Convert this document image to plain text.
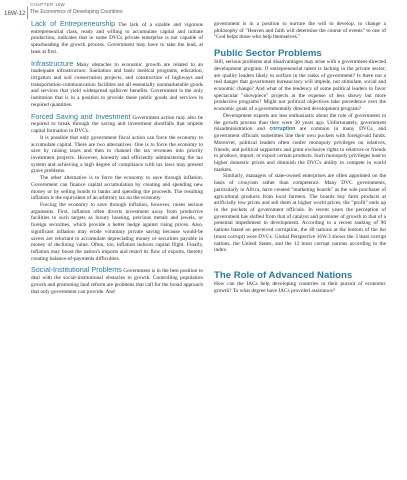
16W-12
CHAPTER 16W
The Economics of Developing Countries

Lack of Entrepreneurship The lack of a sizable and vigorous entrepreneurial class, ready and willing to accumulate capital and initiate production, indicates that in some DVCs private enterprise is not capable of spearheading the growth process. Government may have to take the lead, at least at first.

Infrastructure Many obstacles to economic growth are related to an inadequate infrastructure. Sanitation and basic medical programs, education, irrigation and soil conservation projects, and construction of highways and transportation-communication facilities are all essentially nonmarketable goods and services that yield widespread spillover benefits. Government is the only institution that is in a position to provide these public goods and services in required quantities.

Forced Saving and Investment Government action may also be required to break through the saving and investment shortfalls that impede capital formation in DVCs.

It is possible that only government fiscal action can force the economy to accumulate capital. There are two alternatives. One is to force the economy to save by raising taxes and then to channel the tax revenues into priority investment projects. However, honestly and efficiently administering the tax system and achieving a high degree of compliance with tax laws may present grave problems.

The other alternative is to force the economy to save through inflation. Government can finance capital accumulation by creating and spending new money or by selling bonds to banks and spending the proceeds. The resulting inflation is the equivalent of an arbitrary tax on the economy.

Forcing the economy to save through inflation, however, raises serious arguments. First, inflation often diverts investment away from productive facilities to such targets as luxury housing, precious metals and jewels, or foreign securities, which provide a better hedge against rising prices. Also, significant inflation may erode voluntary private saving because would-be savers are reluctant to accumulate depreciating money or securities payable in money of declining value. Often, too, inflation induces capital flight. Finally, inflation may boost the nation's imports and retard its flow of exports, thereby creating balance-of-payments difficulties.

Social-Institutional Problems Government is in the best position to deal with the social-institutional obstacles to growth. Controlling population growth and promoting land reform are problems that call for the broad approach that only government can provide. And

government is in a position to nurture the will to develop, to change a philosophy of "Heaven and faith will determine the course of events" to one of "God helps those who help themselves."

Public Sector Problems

Still, serious problems and disadvantages may arise with a government-directed development program. If entrepreneurial talent is lacking in the private sector, are quality leaders likely to surface in the ranks of government? Is there not a real danger that government bureaucracy will impede, not stimulate, social and economic change? And what of the tendency of some political leaders to favor spectacular "showpiece" projects at the expense of less showy but more productive programs? Might not political objectives take precedence over the economic goals of a governmentally directed development program?

Development experts are less enthusiastic about the role of government in the growth process than they were 30 years ago. Unfortunately, government misadministration and corruption are common in many DVCs, and government officials sometimes line their own pockets with foreign-aid funds. Moreover, political leaders often confer monopoly privileges on relatives, friends, and political supporters and grant exclusive rights to relatives or friends to produce, import, or export certain products. Such monopoly privileges lead to higher domestic prices and diminish the DVC's ability to compete in world markets.

Similarly, managers of state-owned enterprises are often appointed on the basis of cronyism rather than competence. Many DVC governments, particularly in Africa, have created "marketing boards" as the sole purchaser of agricultural products from local farmers. The boards buy farm products at artificially low prices and sell them at higher world prices; the "profit" ends up in the pockets of government officials. In recent years the perception of government has shifted from that of catalyst and promoter of growth to that of a potential impediment to development. According to a recent ranking of 90 nations based on perceived corruption, the 40 nations at the bottom of the list (most corrupt) were DVCs. Global Perspective 16W.3 shows the 3 least corrupt nations, the United States, and the 12 most corrupt nations according to the index.

The Role of Advanced Nations

How can the IACs help developing countries in their pursuit of economic growth? To what degree have IACs provided assistance?
